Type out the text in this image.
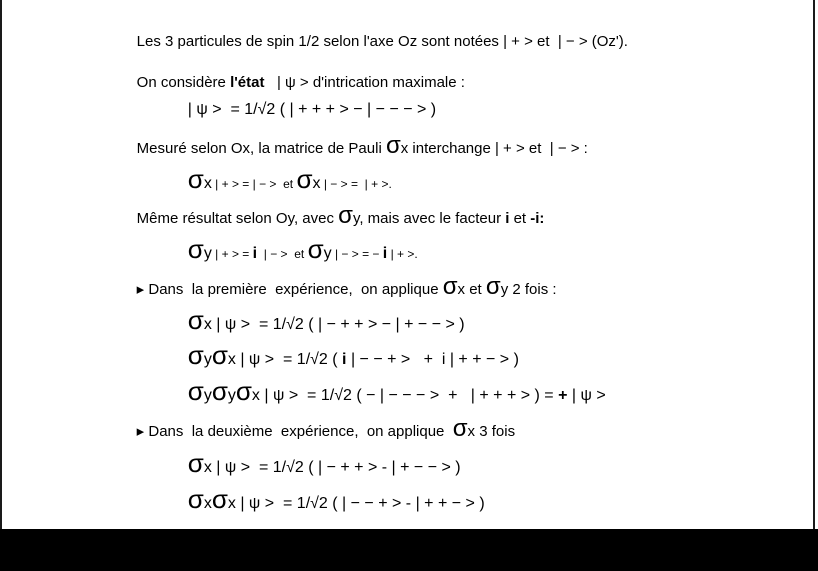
Les 3 particules de spin 1/2 selon l'axe Oz sont notées | + > et  | − > (Oz').

On considère l'état   | ψ > d'intrication maximale :

| ψ >  = 1/√2 ( | + + + > − | − − − > )

Mesuré selon Ox, la matrice de Pauli σx interchange | + > et  | − > :

σx | + > = | − >  et σx | − > =  | + >.

Même résultat selon Oy, avec σy, mais avec le facteur i et -i:

σy | + > = i  | − >  et σy | − > = − i | + >.

▸ Dans  la première  expérience,  on applique σx et σy 2 fois :

σx | ψ >  = 1/√2 ( | − + + > − | + − − > )

σyσx | ψ >  = 1/√2 ( i | − − + >   +  i | + + − > )

σyσyσx | ψ >  = 1/√2 ( − | − − − >  +   | + + + > ) = + | ψ >

▸ Dans  la deuxième  expérience,  on applique  σx 3 fois

σx | ψ >  = 1/√2 ( | − + + > - | + − − > )

σxσx | ψ >  = 1/√2 ( | − − + > - | + + − > )
